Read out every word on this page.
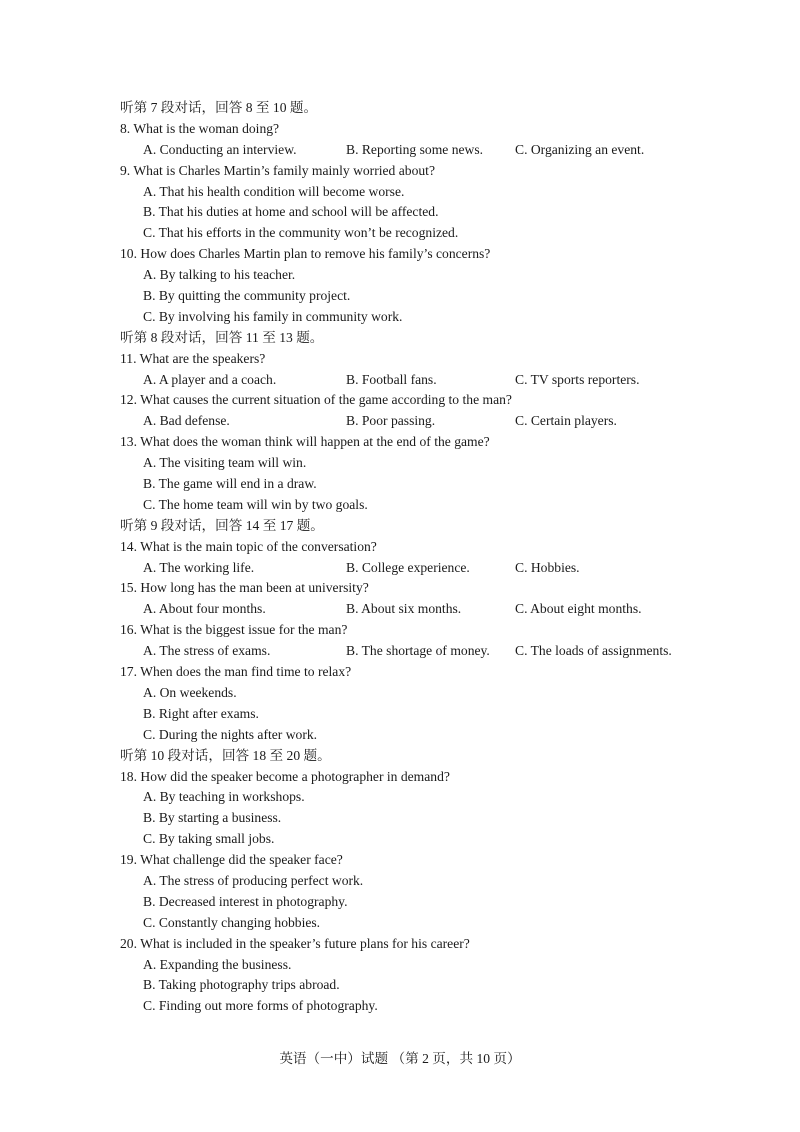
听第 7 段对话，回答 8 至 10 题。
8. What is the woman doing?
A. Conducting an interview.	B. Reporting some news. C. Organizing an event.
9. What is Charles Martin’s family mainly worried about?
A. That his health condition will become worse.
B. That his duties at home and school will be affected.
C. That his efforts in the community won’t be recognized.
10. How does Charles Martin plan to remove his family’s concerns?
A. By talking to his teacher.
B. By quitting the community project.
C. By involving his family in community work.
听第 8 段对话，回答 11 至 13 题。
11. What are the speakers?
A. A player and a coach.	B. Football fans.	C. TV sports reporters.
12. What causes the current situation of the game according to the man?
A. Bad defense.	B. Poor passing.	C. Certain players.
13. What does the woman think will happen at the end of the game?
A. The visiting team will win.
B. The game will end in a draw.
C. The home team will win by two goals.
听第 9 段对话，回答 14 至 17 题。
14. What is the main topic of the conversation?
A. The working life.	B. College experience.	C. Hobbies.
15. How long has the man been at university?
A. About four months.	B. About six months.	C. About eight months.
16. What is the biggest issue for the man?
A. The stress of exams.	B. The shortage of money. C. The loads of assignments.
17. When does the man find time to relax?
A. On weekends.
B. Right after exams.
C. During the nights after work.
听第 10 段对话，回答 18 至 20 题。
18. How did the speaker become a photographer in demand?
A. By teaching in workshops.
B. By starting a business.
C. By taking small jobs.
19. What challenge did the speaker face?
A. The stress of producing perfect work.
B. Decreased interest in photography.
C. Constantly changing hobbies.
20. What is included in the speaker’s future plans for his career?
A. Expanding the business.
B. Taking photography trips abroad.
C. Finding out more forms of photography.
英语（一中）试题 （第 2 页，共 10 页）
